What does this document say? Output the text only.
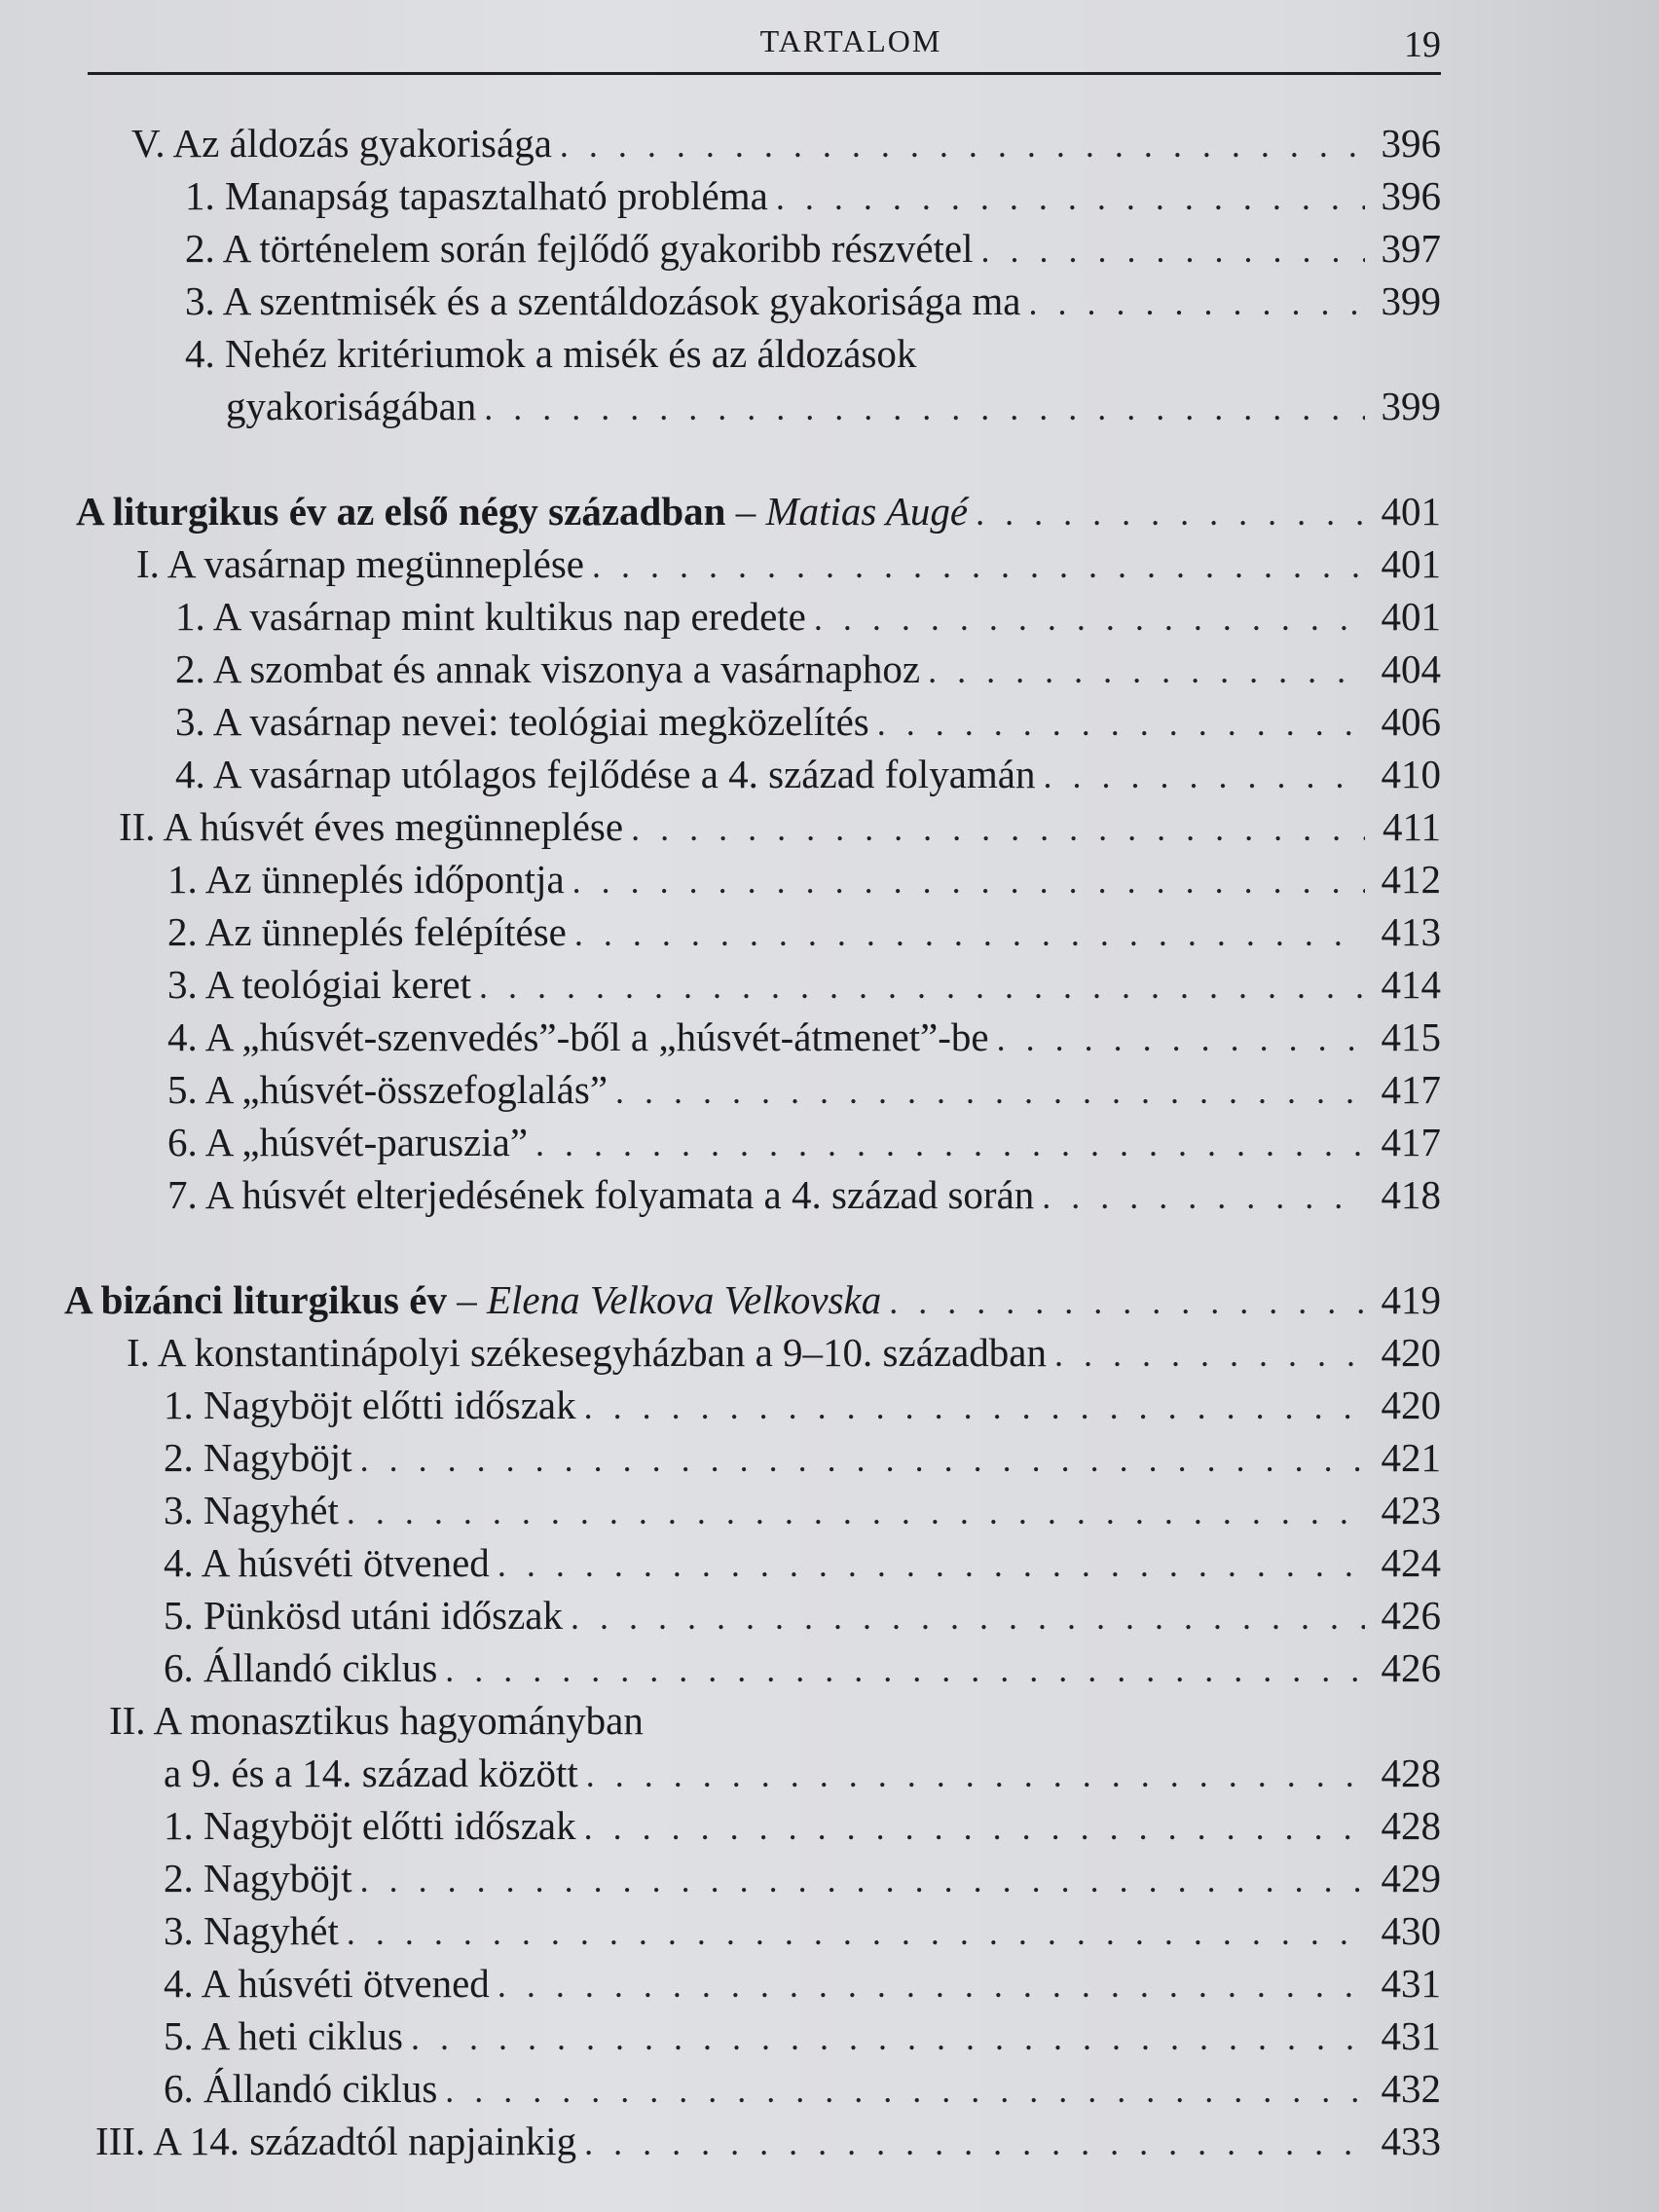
TARTALOM	19
V. Az áldozás gyakorisága . . .	396
1. Manapság tapasztalható probléma . . .	396
2. A történelem során fejlődő gyakoribb részvétel . . .	397
3. A szentmisék és a szentáldozások gyakorisága ma . . .	399
4. Nehéz kritériumok a misék és az áldozások
gyakoriságában . . .	399
A liturgikus év az első négy században – Matias Augé . . .	401
I. A vasárnap megünneplése . . .	401
1. A vasárnap mint kultikus nap eredete . . .	401
2. A szombat és annak viszonya a vasárnaphoz . . .	404
3. A vasárnap nevei: teológiai megközelítés . . .	406
4. A vasárnap utólagos fejlődése a 4. század folyamán . . .	410
II. A húsvét éves megünneplése . . .	411
1. Az ünneplés időpontja . . .	412
2. Az ünneplés felépítése . . .	413
3. A teológiai keret . . .	414
4. A „húsvét-szenvedés”-ből a „húsvét-átmenet”-be . . .	415
5. A „húsvét-összefoglalás” . . .	417
6. A „húsvét-paruszia” . . .	417
7. A húsvét elterjedésének folyamata a 4. század során . . .	418
A bizánci liturgikus év – Elena Velkova Velkovska . . .	419
I. A konstantinápolyi székesegyházban a 9–10. században . . .	420
1. Nagyböjt előtti időszak . . .	420
2. Nagyböjt . . .	421
3. Nagyhét . . .	423
4. A húsvéti ötvened . . .	424
5. Pünkösd utáni időszak . . .	426
6. Állandó ciklus . . .	426
II. A monasztikus hagyományban
a 9. és a 14. század között . . .	428
1. Nagyböjt előtti időszak . . .	428
2. Nagyböjt . . .	429
3. Nagyhét . . .	430
4. A húsvéti ötvened . . .	431
5. A heti ciklus . . .	431
6. Állandó ciklus . . .	432
III. A 14. századtól napjainkig . . .	433
